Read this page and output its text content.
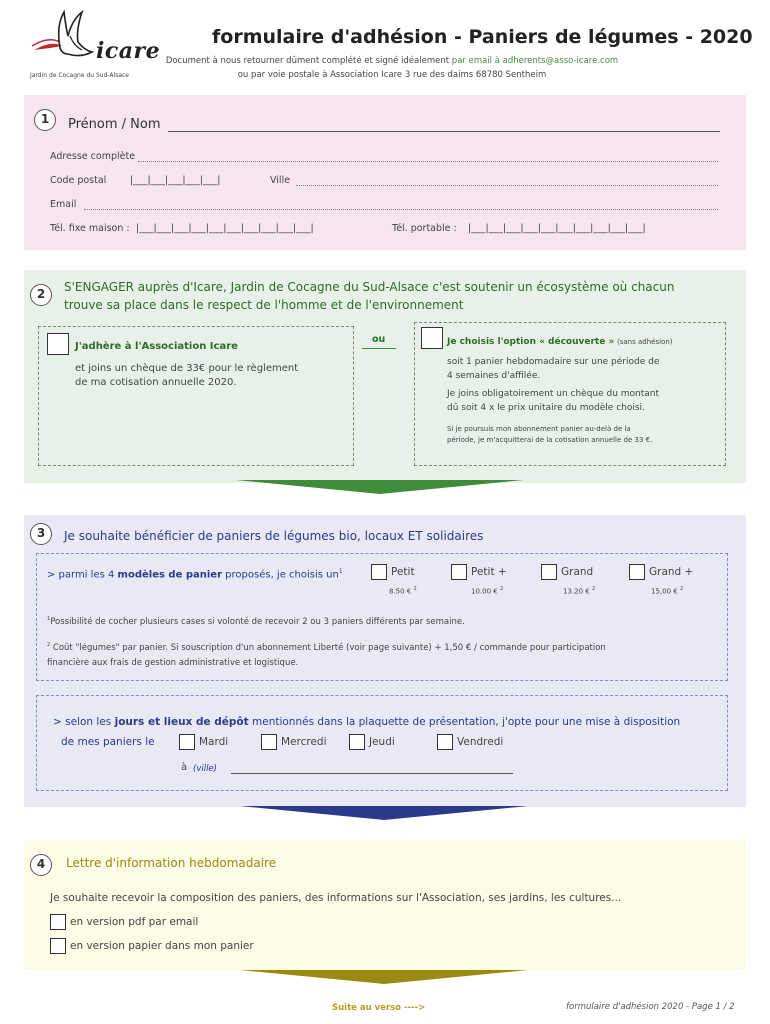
icare
Jardin de Cocagne du Sud-Alsace
formulaire d'adhésion - Paniers de légumes - 2020
Document à nous retourner dûment complété et signé idéalement par email à adherents@asso-icare.com
ou par voie postale à Association Icare 3 rue des daims 68780 Sentheim
1	Prénom / Nom
Adresse complète
Code postal |___|___|___|___|___|	Ville
Email
Tél. fixe maison : |___|___|___|___|___|___|___|___|___|___|	Tél. portable : |___|___|___|___|___|___|___|___|___|___|
2	S'ENGAGER auprès d'Icare, Jardin de Cocagne du Sud-Alsace c'est soutenir un écosystème où chacun
trouve sa place dans le respect de l'homme et de l'environnement
J'adhère à l'Association Icare
et joins un chèque de 33€ pour le règlement
de ma cotisation annuelle 2020.
ou	Je choisis l'option « découverte » (sans adhésion)
soit 1 panier hebdomadaire sur une période de
4 semaines d'affilée.
Je joins obligatoirement un chèque du montant
dû soit 4 x le prix unitaire du modèle choisi.
Si je poursuis mon abonnement panier au-delà de la
période, je m'acquitterai de la cotisation annuelle de 33 €.
3	Je souhaite bénéficier de paniers de légumes bio, locaux ET solidaires
> parmi les 4 modèles de panier proposés, je choisis $un^1$	Petit
8.50 € $^2$
Petit +
10.00 € $^2$
Grand
13.20 € $^2$
Grand +
15,00 € $^2$
$^1$Possibilité de cocher plusieurs cases si volonté de recevoir 2 ou 3 paniers différents par semaine.
$^2$ Coût "légumes" par panier. Si souscription d'un abonnement Liberté (voir page suivante) + 1,50 € / commande pour participation
financière aux frais de gestion administrative et logistique.
> selon les jours et lieux de dépôt mentionnés dans la plaquette de présentation, j'opte pour une mise à disposition
de mes paniers le	Mardi	Mercredi	Jeudi	Vendredi
à (ville)
4	Lettre d'information hebdomadaire
Je souhaite recevoir la composition des paniers, des informations sur l'Association, ses jardins, les cultures...
en version pdf par email
en version papier dans mon panier
Suite au verso ---->	formulaire d'adhésion 2020 - Page 1 / 2
